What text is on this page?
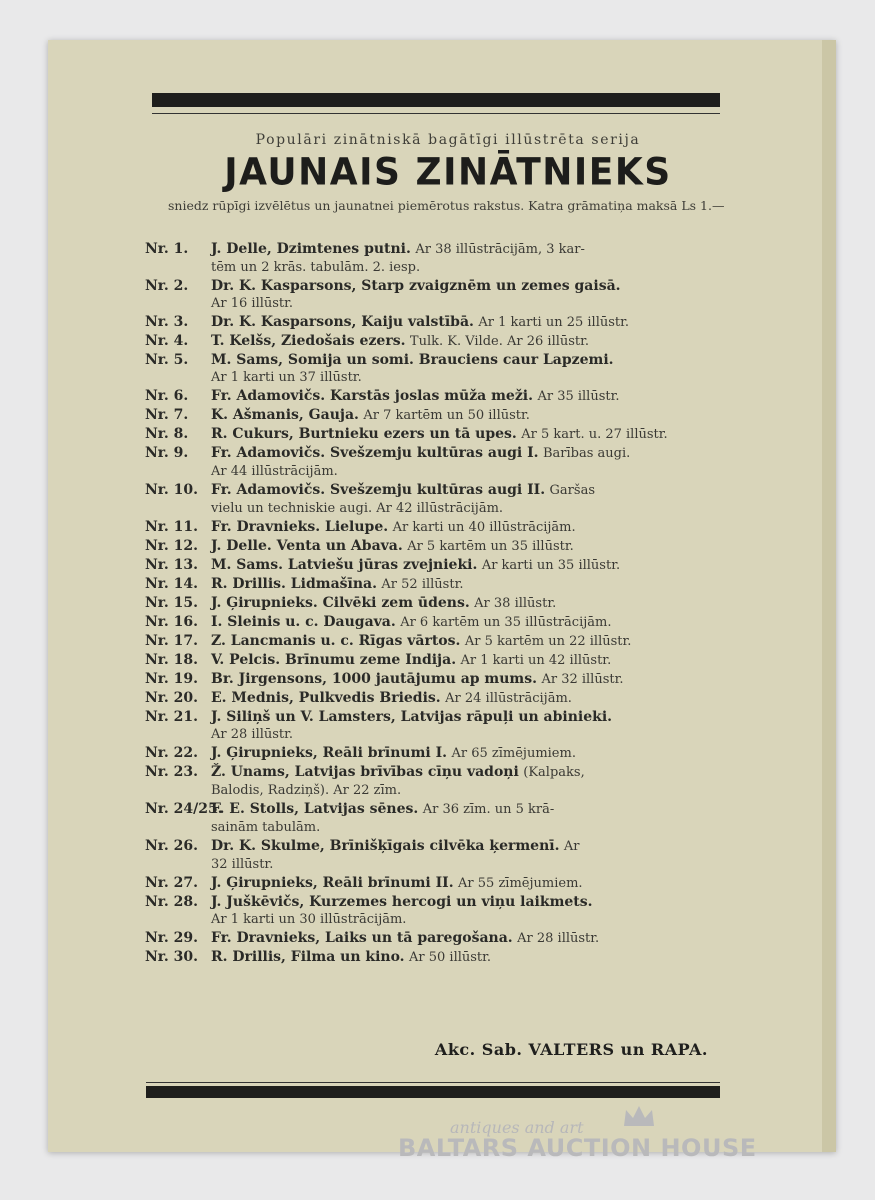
Populāri zinātniskā bagātīgi illūstrēta serija
JAUNAIS ZINĀTNIEKS
sniedz rūpīgi izvēlētus un jaunatnei piemērotus rakstus. Katra grāmatiņa maksā Ls 1.—
Nr. 1.	J. Delle, Dzimtenes putni. Ar 38 illūstrācijām, 3 kar-
tēm un 2 krās. tabulām. 2. iesp.
Nr. 2.	Dr. K. Kasparsons, Starp zvaigznēm un zemes gaisā.
Ar 16 illūstr.
Nr. 3.	Dr. K. Kasparsons, Kaiju valstībā. Ar 1 karti un 25 illūstr.
Nr. 4.	T. Kelšs, Ziedošais ezers. Tulk. K. Vilde. Ar 26 illūstr.
Nr. 5.	M. Sams, Somija un somi. Brauciens caur Lapzemi.
Ar 1 karti un 37 illūstr.
Nr. 6.	Fr. Adamovičs. Karstās joslas mūža meži. Ar 35 illūstr.
Nr. 7.	K. Ašmanis, Gauja. Ar 7 kartēm un 50 illūstr.
Nr. 8.	R. Cukurs, Burtnieku ezers un tā upes. Ar 5 kart. u. 27 illūstr.
Nr. 9.	Fr. Adamovičs. Svešzemju kultūras augi I. Barības augi.
Ar 44 illūstrācijām.
Nr. 10. Fr. Adamovičs. Svešzemju kultūras augi II. Garšas
vielu un techniskie augi. Ar 42 illūstrācijām.
Nr. 11. Fr. Dravnieks. Lielupe. Ar karti un 40 illūstrācijām.
Nr. 12. J. Delle. Venta un Abava. Ar 5 kartēm un 35 illūstr.
Nr. 13. M. Sams. Latviešu jūras zvejnieki. Ar karti un 35 illūstr.
Nr. 14. R. Drillis. Lidmašīna. Ar 52 illūstr.
Nr. 15. J. Ģirupnieks. Cilvēki zem ūdens. Ar 38 illūstr.
Nr. 16. I. Sleinis u. c. Daugava. Ar 6 kartēm un 35 illūstrācijām.
Nr. 17. Z. Lancmanis u. c. Rīgas vārtos. Ar 5 kartēm un 22 illūstr.
Nr. 18. V. Pelcis. Brīnumu zeme Indija. Ar 1 karti un 42 illūstr.
Nr. 19. Br. Jirgensons, 1000 jautājumu ap mums. Ar 32 illūstr.
Nr. 20. E. Mednis, Pulkvedis Briedis. Ar 24 illūstrācijām.
Nr. 21. J. Siliņš un V. Lamsters, Latvijas rāpuļi un abinieki.
Ar 28 illūstr.
Nr. 22. J. Ģirupnieks, Reāli brīnumi I. Ar 65 zīmējumiem.
Nr. 23. Ž. Unams, Latvijas brīvības cīņu vadoņi (Kalpaks,
Balodis, Radziņš). Ar 22 zīm.
Nr. 24/25.
F. E. Stolls, Latvijas sēnes. Ar 36 zīm. un 5 krā-
sainām tabulām.
Nr. 26. Dr. K. Skulme, Brīnišķīgais cilvēka ķermenī. Ar
32 illūstr.
Nr. 27. J. Ģirupnieks, Reāli brīnumi II. Ar 55 zīmējumiem.
Nr. 28. J. Juškēvičs, Kurzemes hercogi un viņu laikmets.
Ar 1 karti un 30 illūstrācijām.
Nr. 29. Fr. Dravnieks, Laiks un tā paregošana. Ar 28 illūstr.
Nr. 30. R. Drillis, Filma un kino. Ar 50 illūstr.
Akc. Sab. VALTERS un RAPA.
antiques and art
BALTARS AUCTION HOUSE
